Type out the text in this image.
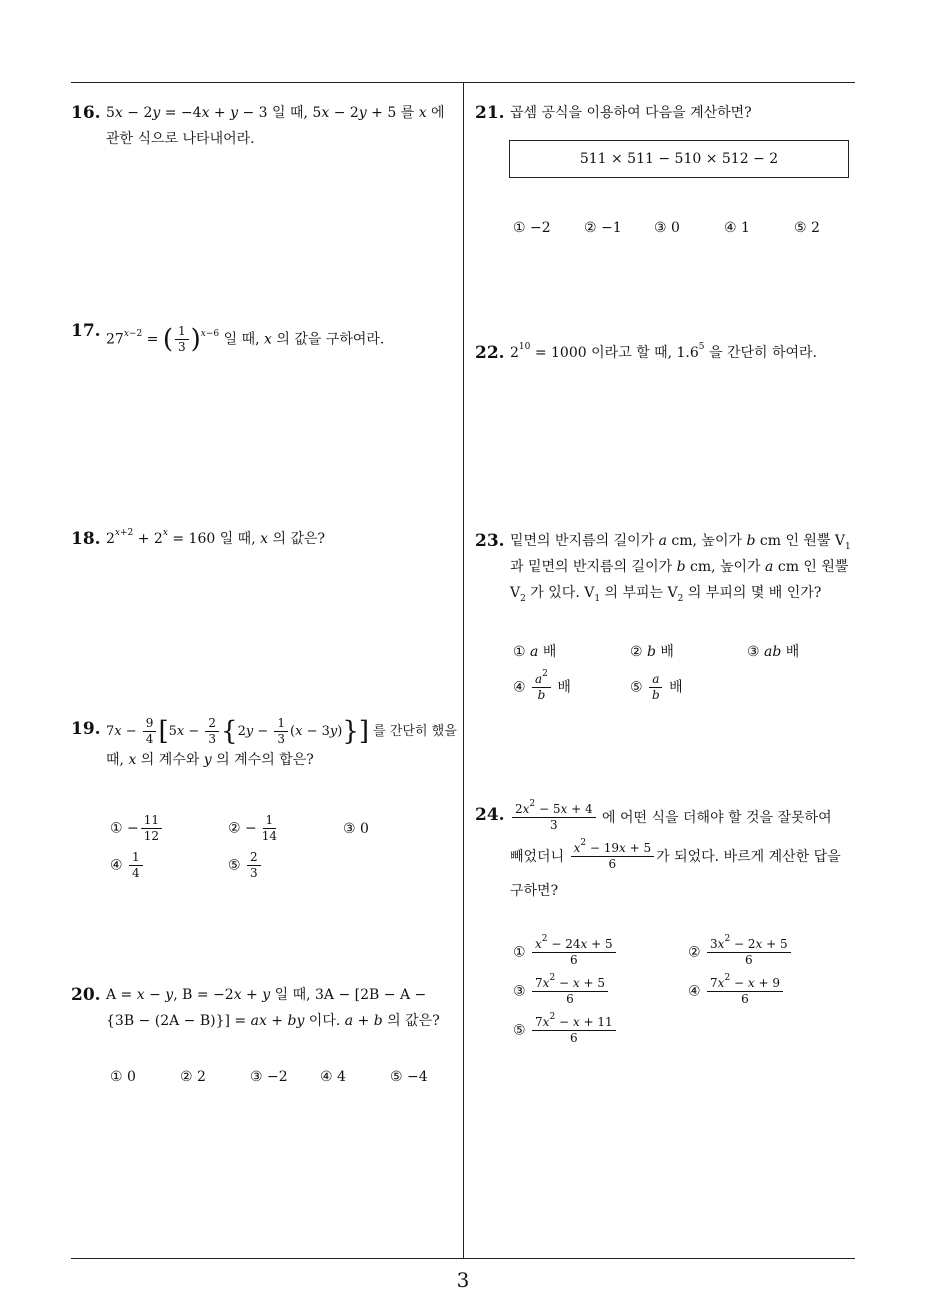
16. 5x − 2y = −4x + y − 3 일 때, 5x − 2y + 5 를 x 에
관한 식으로 나타내어라.
17. $27^{x-2}$ = ( $\frac{1}{3} )^{x-6}$ 일 때, x 의 값을 구하여라.
18. $2^{x+2} + 2^x = 160$ 일 때, x 의 값은?
19. $7x - \frac{9}{4} [5x - \frac{2}{3} \{2y - \frac{1}{3} (x - 3y)\}]$ 를 간단히 했을
때, x 의 계수와 y 의 계수의 합은?
① − $\frac{11}{12}$	② − $\frac{1}{14}$	③ 0
④ $\frac{1}{4}$	⑤ $\frac{2}{3}$
20. A = x − y, B = −2x + y 일 때, 3A − [2B − A −
{3B − (2A − B)}] = ax + by 이다. a + b 의 값은?
① 0	② 2	③ −2 ④ 4	⑤ −4
21. 곱셈 공식을 이용하여 다음을 계산하면?
511 × 511 − 510 × 512 − 2
① −2 ② −1 ③ 0	④ 1	⑤ 2
22. $2^{10} = 1000$ 이라고 할 때, $1.6^5$ 을 간단히 하여라.
23. 밑면의 반지름의 길이가 a cm, 높이가 b cm 인 원뿔 $V_1$
과 밑면의 반지름의 길이가 b cm, 높이가 a cm 인 원뿔
$V_2$ 가 있다. $V_1$ 의 부피는 $V_2$ 의 부피의 몇 배 인가?
① a 배	② b 배	③ ab 배
④ $\frac{a^2}{b}$ 배	⑤ $\frac{a}{b}$ 배
24. $\frac{2x^2 - 5x + 4}{3}$ 에 어떤 식을 더해야 할 것을 잘못하여
빼었더니 $\frac{x^2 - 19x + 5}{6}$ 가 되었다. 바르게 계산한 답을
구하면?
① $\frac{x^2 - 24x + 5}{6}$	② $\frac{3x^2 - 2x + 5}{6}$
③ $\frac{7x^2 - x + 5}{6}$	④ $\frac{7x^2 - x + 9}{6}$
⑤ $\frac{7x^2 - x + 11}{6}$
3
